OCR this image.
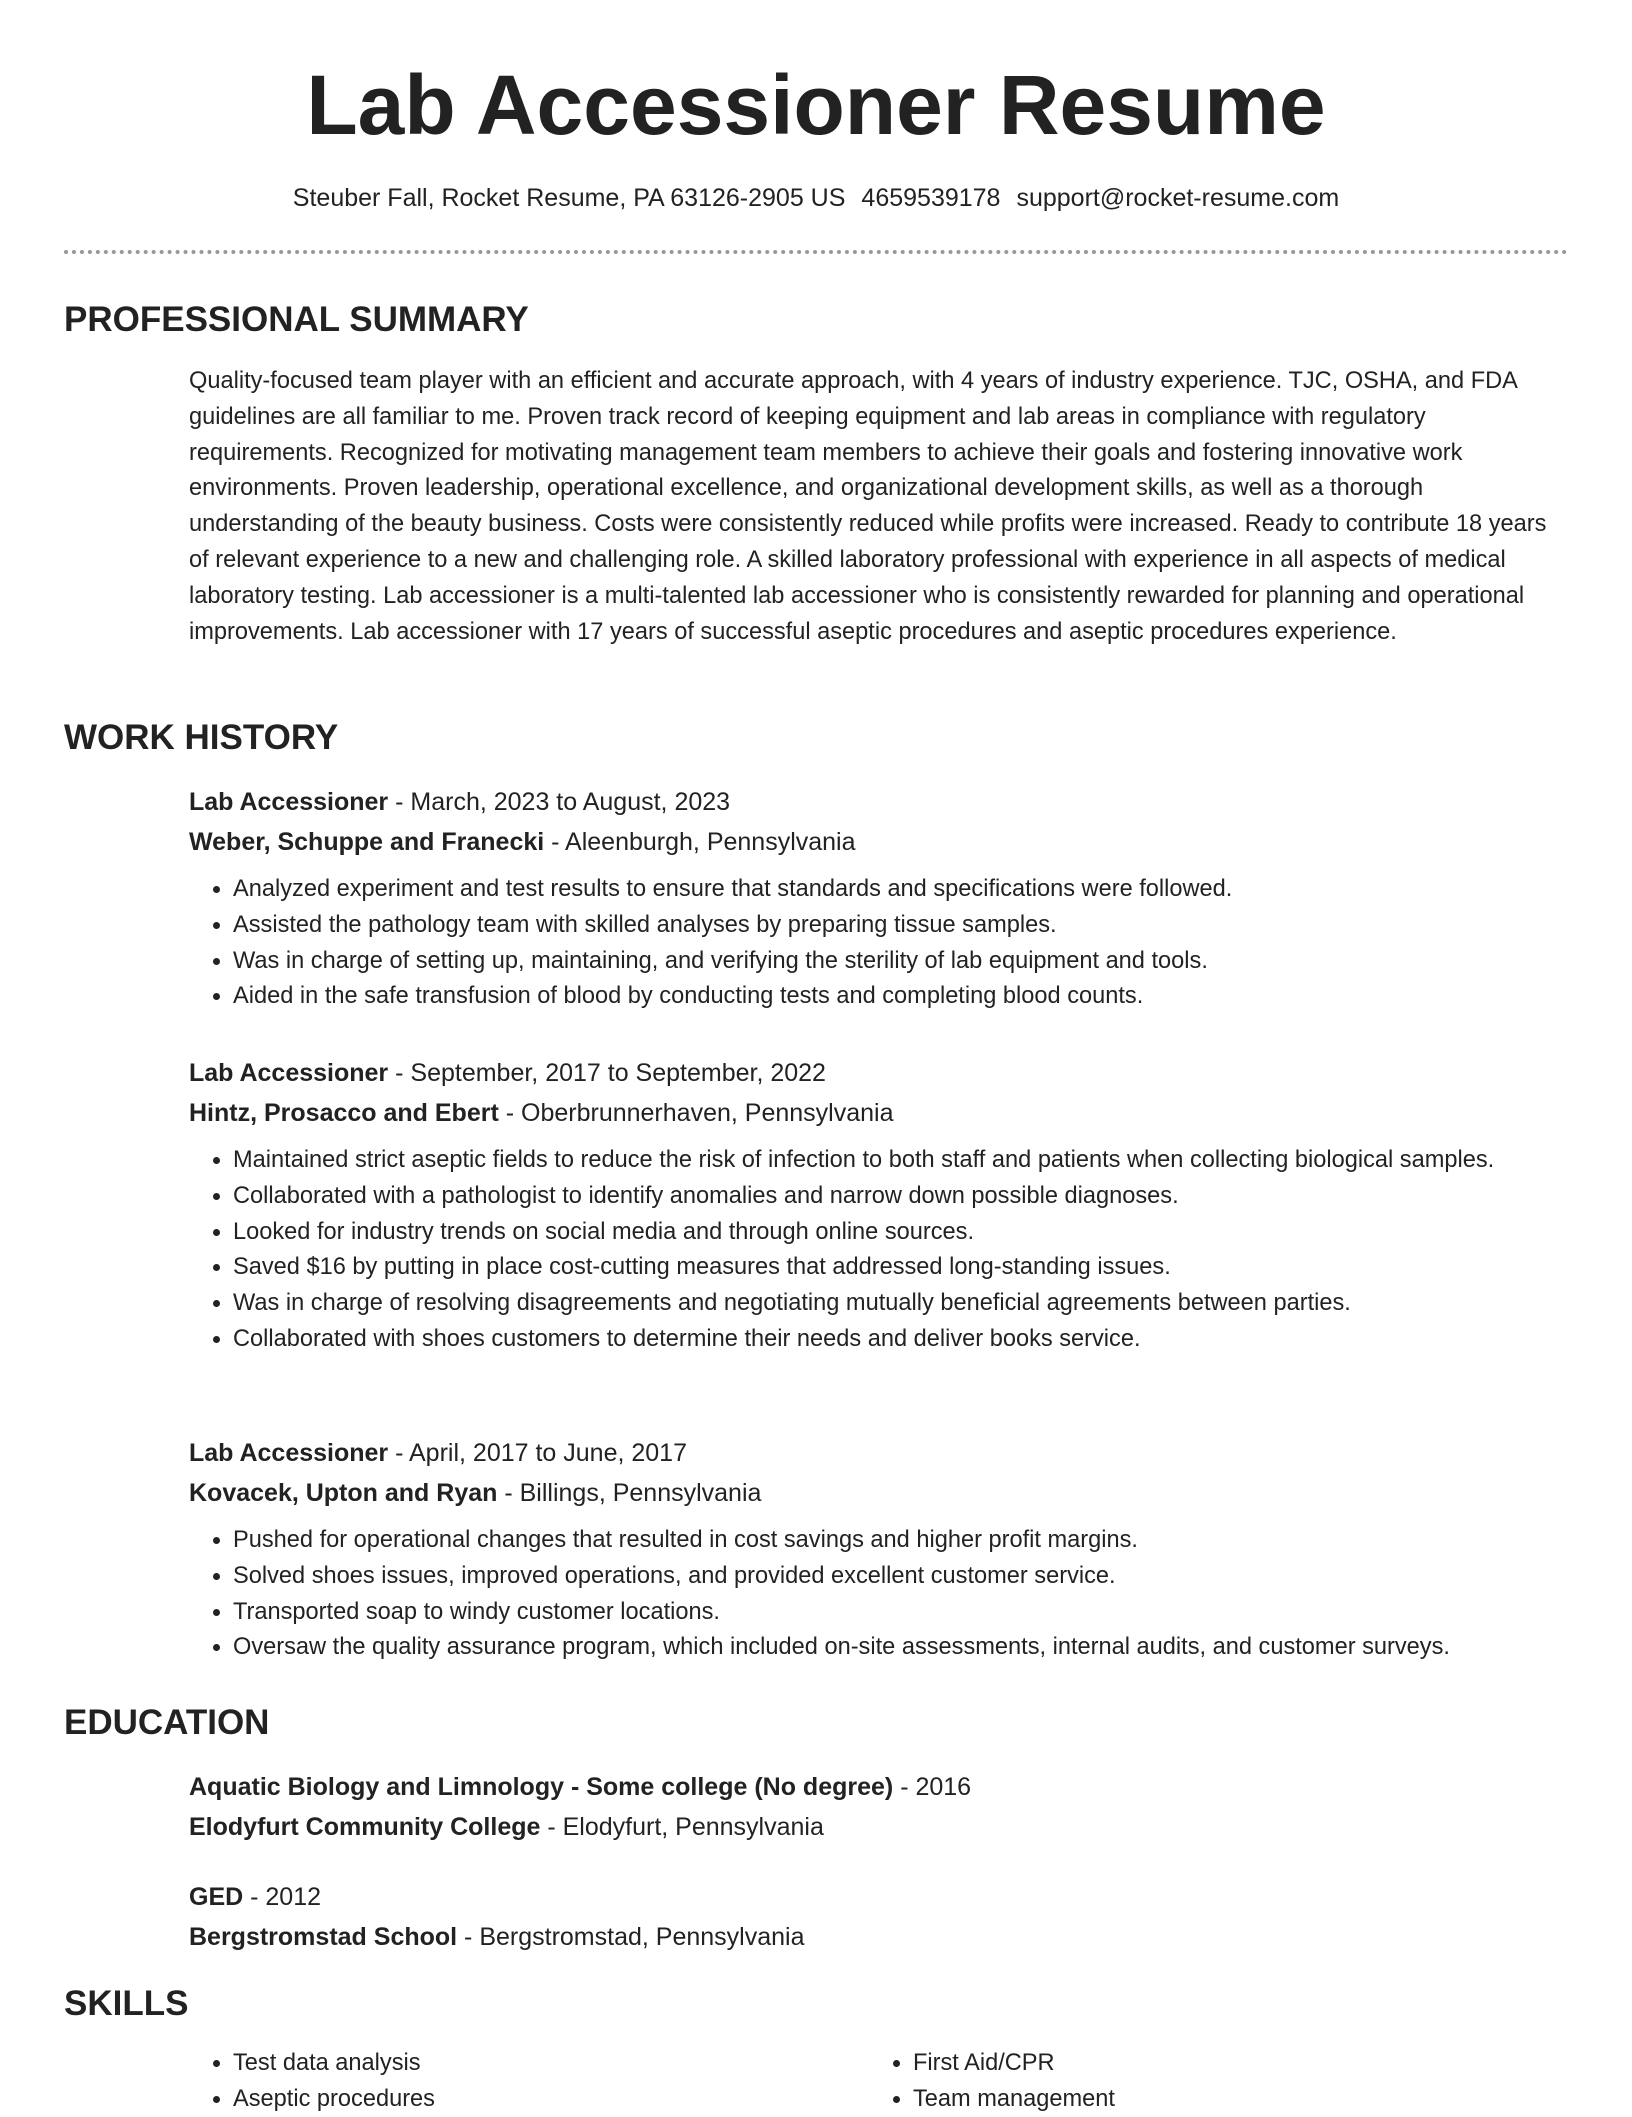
Lab Accessioner Resume
Steuber Fall, Rocket Resume, PA 63126-2905 US 4659539178 support@rocket-resume.com
PROFESSIONAL SUMMARY
Quality-focused team player with an efficient and accurate approach, with 4 years of industry experience. TJC, OSHA, and FDA guidelines are all familiar to me. Proven track record of keeping equipment and lab areas in compliance with regulatory requirements. Recognized for motivating management team members to achieve their goals and fostering innovative work environments. Proven leadership, operational excellence, and organizational development skills, as well as a thorough understanding of the beauty business. Costs were consistently reduced while profits were increased. Ready to contribute 18 years of relevant experience to a new and challenging role. A skilled laboratory professional with experience in all aspects of medical laboratory testing. Lab accessioner is a multi-talented lab accessioner who is consistently rewarded for planning and operational improvements. Lab accessioner with 17 years of successful aseptic procedures and aseptic procedures experience.
WORK HISTORY
Lab Accessioner - March, 2023 to August, 2023
Weber, Schuppe and Franecki - Aleenburgh, Pennsylvania
• Analyzed experiment and test results to ensure that standards and specifications were followed.
• Assisted the pathology team with skilled analyses by preparing tissue samples.
• Was in charge of setting up, maintaining, and verifying the sterility of lab equipment and tools.
• Aided in the safe transfusion of blood by conducting tests and completing blood counts.
Lab Accessioner - September, 2017 to September, 2022
Hintz, Prosacco and Ebert - Oberbrunnerhaven, Pennsylvania
• Maintained strict aseptic fields to reduce the risk of infection to both staff and patients when collecting biological samples.
• Collaborated with a pathologist to identify anomalies and narrow down possible diagnoses.
• Looked for industry trends on social media and through online sources.
• Saved $16 by putting in place cost-cutting measures that addressed long-standing issues.
• Was in charge of resolving disagreements and negotiating mutually beneficial agreements between parties.
• Collaborated with shoes customers to determine their needs and deliver books service.
Lab Accessioner - April, 2017 to June, 2017
Kovacek, Upton and Ryan - Billings, Pennsylvania
• Pushed for operational changes that resulted in cost savings and higher profit margins.
• Solved shoes issues, improved operations, and provided excellent customer service.
• Transported soap to windy customer locations.
• Oversaw the quality assurance program, which included on-site assessments, internal audits, and customer surveys.
EDUCATION
Aquatic Biology and Limnology - Some college (No degree) - 2016
Elodyfurt Community College - Elodyfurt, Pennsylvania
GED - 2012
Bergstromstad School - Bergstromstad, Pennsylvania
SKILLS
• Test data analysis	• First Aid/CPR
• Aseptic procedures	• Team management
